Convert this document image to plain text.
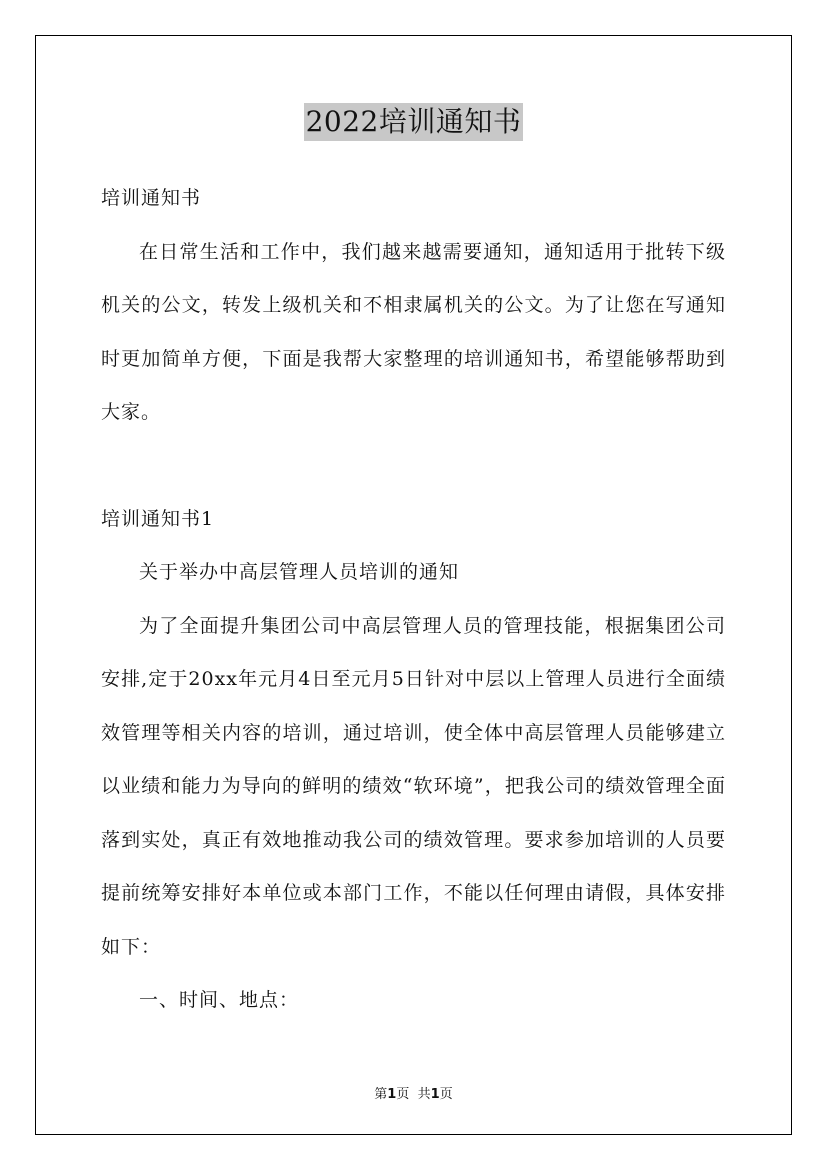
2022培训通知书

培训通知书

在日常生活和工作中，我们越来越需要通知，通知适用于批转下级机关的公文，转发上级机关和不相隶属机关的公文。为了让您在写通知时更加简单方便，下面是我帮大家整理的培训通知书，希望能够帮助到大家。

培训通知书1

关于举办中高层管理人员培训的通知

为了全面提升集团公司中高层管理人员的管理技能，根据集团公司安排,定于20xx年元月4日至元月5日针对中层以上管理人员进行全面绩效管理等相关内容的培训，通过培训，使全体中高层管理人员能够建立以业绩和能力为导向的鲜明的绩效“软环境”，把我公司的绩效管理全面落到实处，真正有效地推动我公司的绩效管理。要求参加培训的人员要提前统筹安排好本单位或本部门工作，不能以任何理由请假，具体安排如下：

一、时间、地点：

第1页 共1页
